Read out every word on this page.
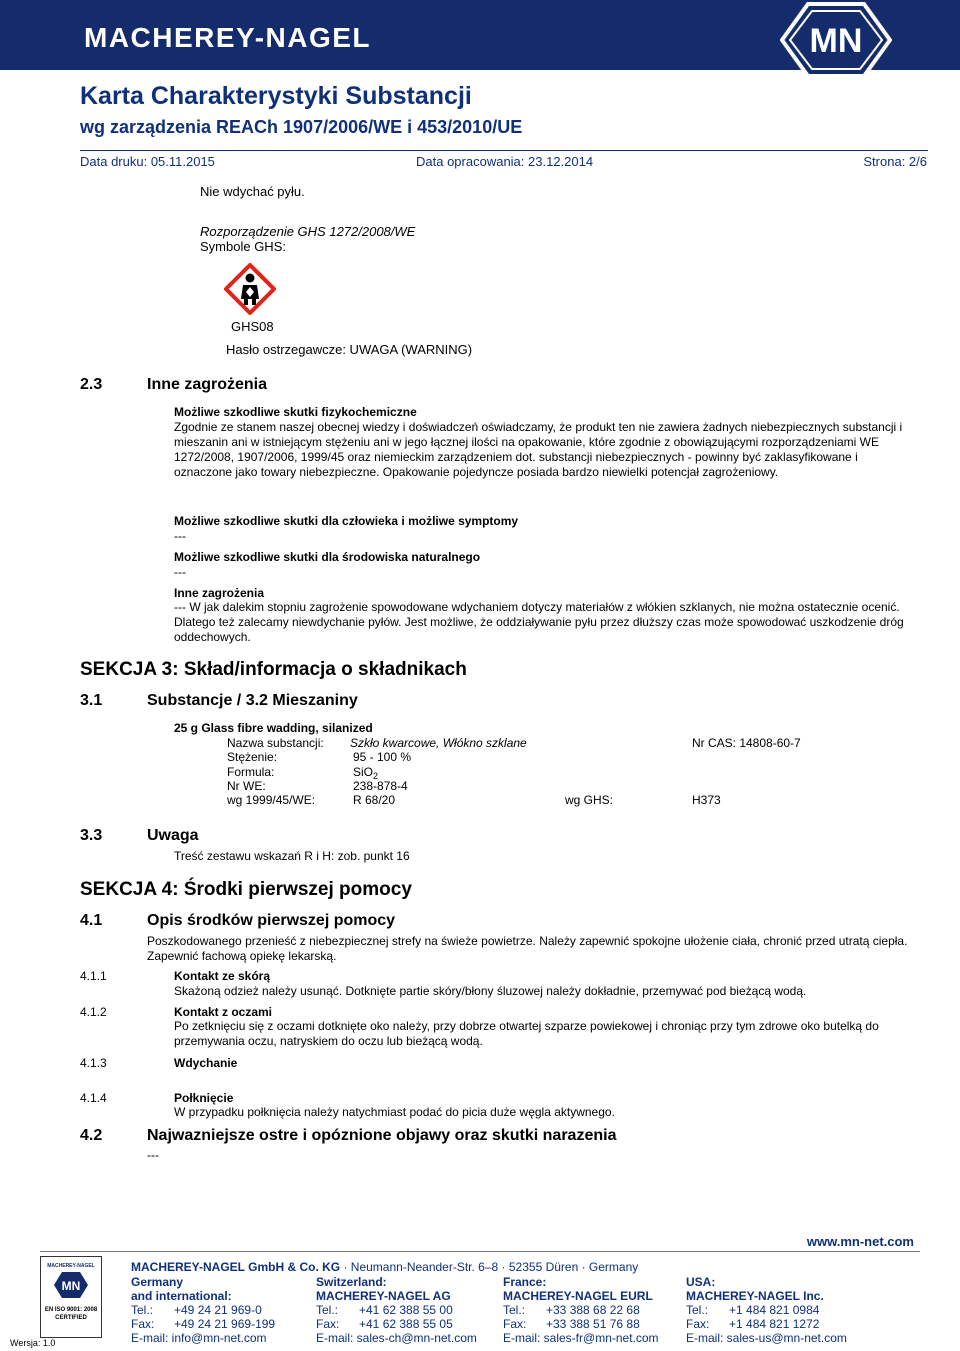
MACHEREY-NAGEL	MN
Karta Charakterystyki Substancji
wg zarządzenia REACh 1907/2006/WE i 453/2010/UE
Data druku: 05.11.2015	Data opracowania: 23.12.2014	Strona: 2/6
Nie wdychać pyłu.
Rozporządzenie GHS 1272/2008/WE
Symbole GHS:
GHS08
Hasło ostrzegawcze: UWAGA (WARNING)
2.3	Inne zagrożenia
Możliwe szkodliwe skutki fizykochemiczne
Zgodnie ze stanem naszej obecnej wiedzy i doświadczeń oświadczamy, że produkt ten nie zawiera żadnych niebezpiecznych substancji i mieszanin ani w istniejącym stężeniu ani w jego łącznej ilości na opakowanie, które zgodnie z obowiązującymi rozporządzeniami WE 1272/2008, 1907/2006, 1999/45 oraz niemieckim zarządzeniem dot. substancji niebezpiecznych - powinny być zaklasyfikowane i oznaczone jako towary niebezpieczne. Opakowanie pojedyncze posiada bardzo niewielki potencjał zagrożeniowy.
Możliwe szkodliwe skutki dla człowieka i możliwe symptomy
---
Możliwe szkodliwe skutki dla środowiska naturalnego
---
Inne zagrożenia
--- W jak dalekim stopniu zagrożenie spowodowane wdychaniem dotyczy materiałów z włókien szklanych, nie można ostatecznie ocenić. Dlatego też zalecamy niewdychanie pyłów. Jest możliwe, że oddziaływanie pyłu przez dłuższy czas może spowodować uszkodzenie dróg oddechowych.
SEKCJA 3: Skład/informacja o składnikach
3.1	Substancje / 3.2 Mieszaniny
25 g Glass fibre wadding, silanized
Nazwa substancji: Szkło kwarcowe, Włókno szklane	Nr CAS: 14808-60-7
Stężenie:	95 - 100 %
Formula:	SiO$_2$
Nr WE:	238-878-4
wg 1999/45/WE:	R 68/20	wg GHS:	H373
3.3	Uwaga
Treść zestawu wskazań R i H: zob. punkt 16
SEKCJA 4: Środki pierwszej pomocy
4.1	Opis środków pierwszej pomocy
Poszkodowanego przenieść z niebezpiecznej strefy na świeże powietrze. Należy zapewnić spokojne ułożenie ciała, chronić przed utratą ciepła. Zapewnić fachową opiekę lekarską.
4.1.1	Kontakt ze skórą
Skażoną odzież należy usunąć. Dotknięte partie skóry/błony śluzowej należy dokładnie, przemywać pod bieżącą wodą.
4.1.2	Kontakt z oczami
Po zetknięciu się z oczami dotknięte oko należy, przy dobrze otwartej szparze powiekowej i chroniąc przy tym zdrowe oko butelką do przemywania oczu, natryskiem do oczu lub bieżącą wodą.
4.1.3	Wdychanie
4.1.4	Połknięcie
W przypadku połknięcia należy natychmiast podać do picia duże węgla aktywnego.
4.2	Najwazniejsze ostre i opóznione objawy oraz skutki narazenia
---
www.mn-net.com
MACHEREY-NAGEL
MN
EN ISO 9001: 2008
CERTIFIED
Wersja: 1.0
MACHEREY-NAGEL GmbH & Co. KG · Neumann-Neander-Str. 6–8 · 52355 Düren · Germany
Germany
and international:
Tel.: +49 24 21 969-0
Fax: +49 24 21 969-199
E-mail: info@mn-net.com
Switzerland:
MACHEREY-NAGEL AG
Tel.: +41 62 388 55 00
Fax: +41 62 388 55 05
E-mail: sales-ch@mn-net.com
France:
MACHEREY-NAGEL EURL
Tel.: +33 388 68 22 68
Fax: +33 388 51 76 88
E-mail: sales-fr@mn-net.com
USA:
MACHEREY-NAGEL Inc.
Tel.: +1 484 821 0984
Fax: +1 484 821 1272
E-mail: sales-us@mn-net.com
